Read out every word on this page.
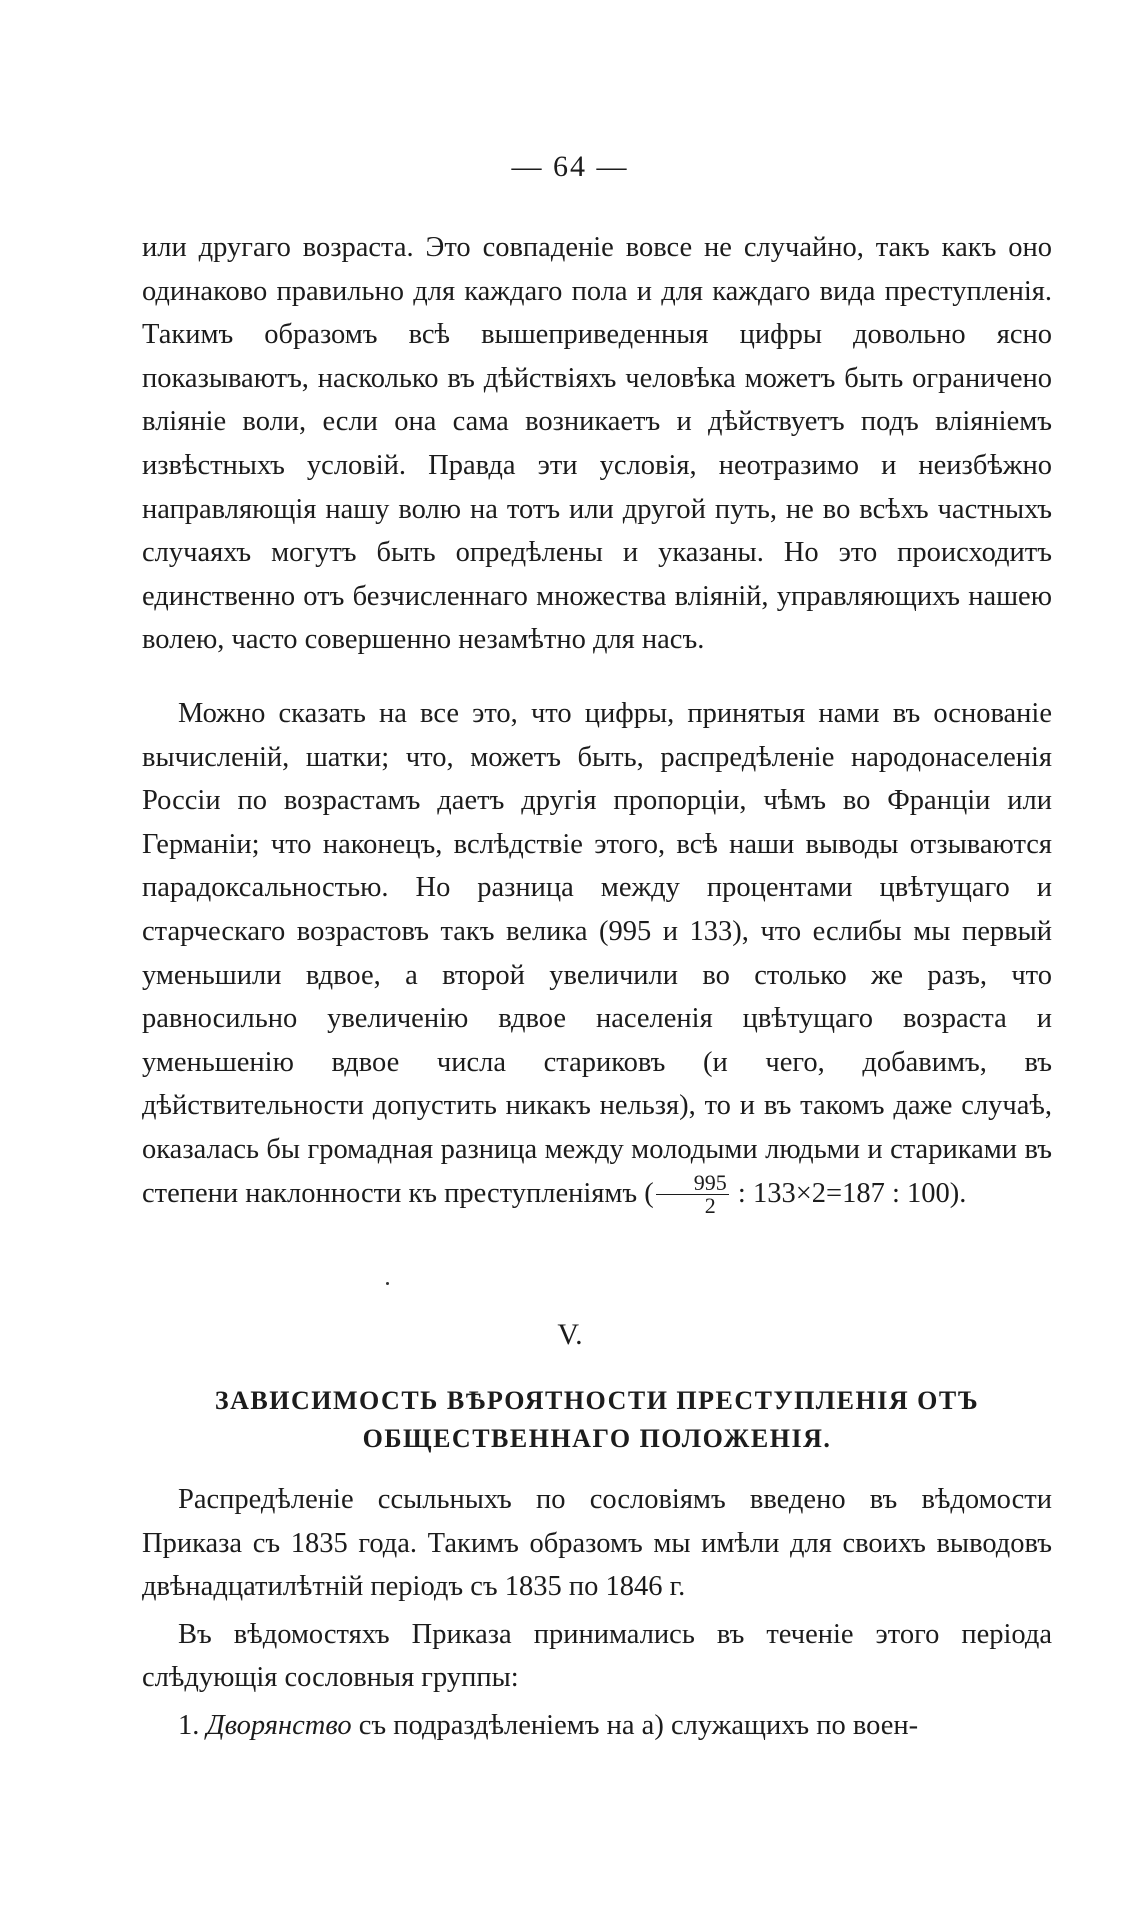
— 64 —

или другаго возраста. Это совпаденіе вовсе не случайно, такъ какъ оно одинаково правильно для каждаго пола и для каждаго вида преступленія. Такимъ образомъ всѣ вышеприведенныя цифры довольно ясно показываютъ, насколько въ дѣйствіяхъ человѣка можетъ быть ограничено вліяніе воли, если она сама возникаетъ и дѣйствуетъ подъ вліяніемъ извѣстныхъ условій. Правда эти условія, неотразимо и неизбѣжно направляющія нашу волю на тотъ или другой путь, не во всѣхъ частныхъ случаяхъ могутъ быть опредѣлены и указаны. Но это происходитъ единственно отъ безчисленнаго множества вліяній, управляющихъ нашею волею, часто совершенно незамѣтно для насъ.

Можно сказать на все это, что цифры, принятыя нами въ основаніе вычисленій, шатки; что, можетъ быть, распредѣленіе народонаселенія Россіи по возрастамъ даетъ другія пропорціи, чѣмъ во Франціи или Германіи; что наконецъ, вслѣдствіе этого, всѣ наши выводы отзываются парадоксальностью. Но разница между процентами цвѣтущаго и старческаго возрастовъ такъ велика (995 и 133), что еслибы мы первый уменьшили вдвое, а второй увеличили во столько же разъ, что равносильно увеличенію вдвое населенія цвѣтущаго возраста и уменьшенію вдвое числа стариковъ (и чего, добавимъ, въ дѣйствительности допустить никакъ нельзя), то и въ такомъ даже случаѣ, оказалась бы громадная разница между молодыми людьми и стариками въ степени наклонности къ преступленіямъ ( $\frac{995}{2}$ : 133×2=187 : 100).

V.
ЗАВИСИМОСТЬ ВѢРОЯТНОСТИ ПРЕСТУПЛЕНІЯ ОТЪ ОБЩЕСТВЕННАГО ПОЛОЖЕНІЯ.

Распредѣленіе ссыльныхъ по сословіямъ введено въ вѣдомости Приказа съ 1835 года. Такимъ образомъ мы имѣли для своихъ выводовъ двѣнадцатилѣтній періодъ съ 1835 по 1846 г.

Въ вѣдомостяхъ Приказа принимались въ теченіе этого періода слѣдующія сословныя группы:

1. Дворянство съ подраздѣленіемъ на а) служащихъ по воен-
